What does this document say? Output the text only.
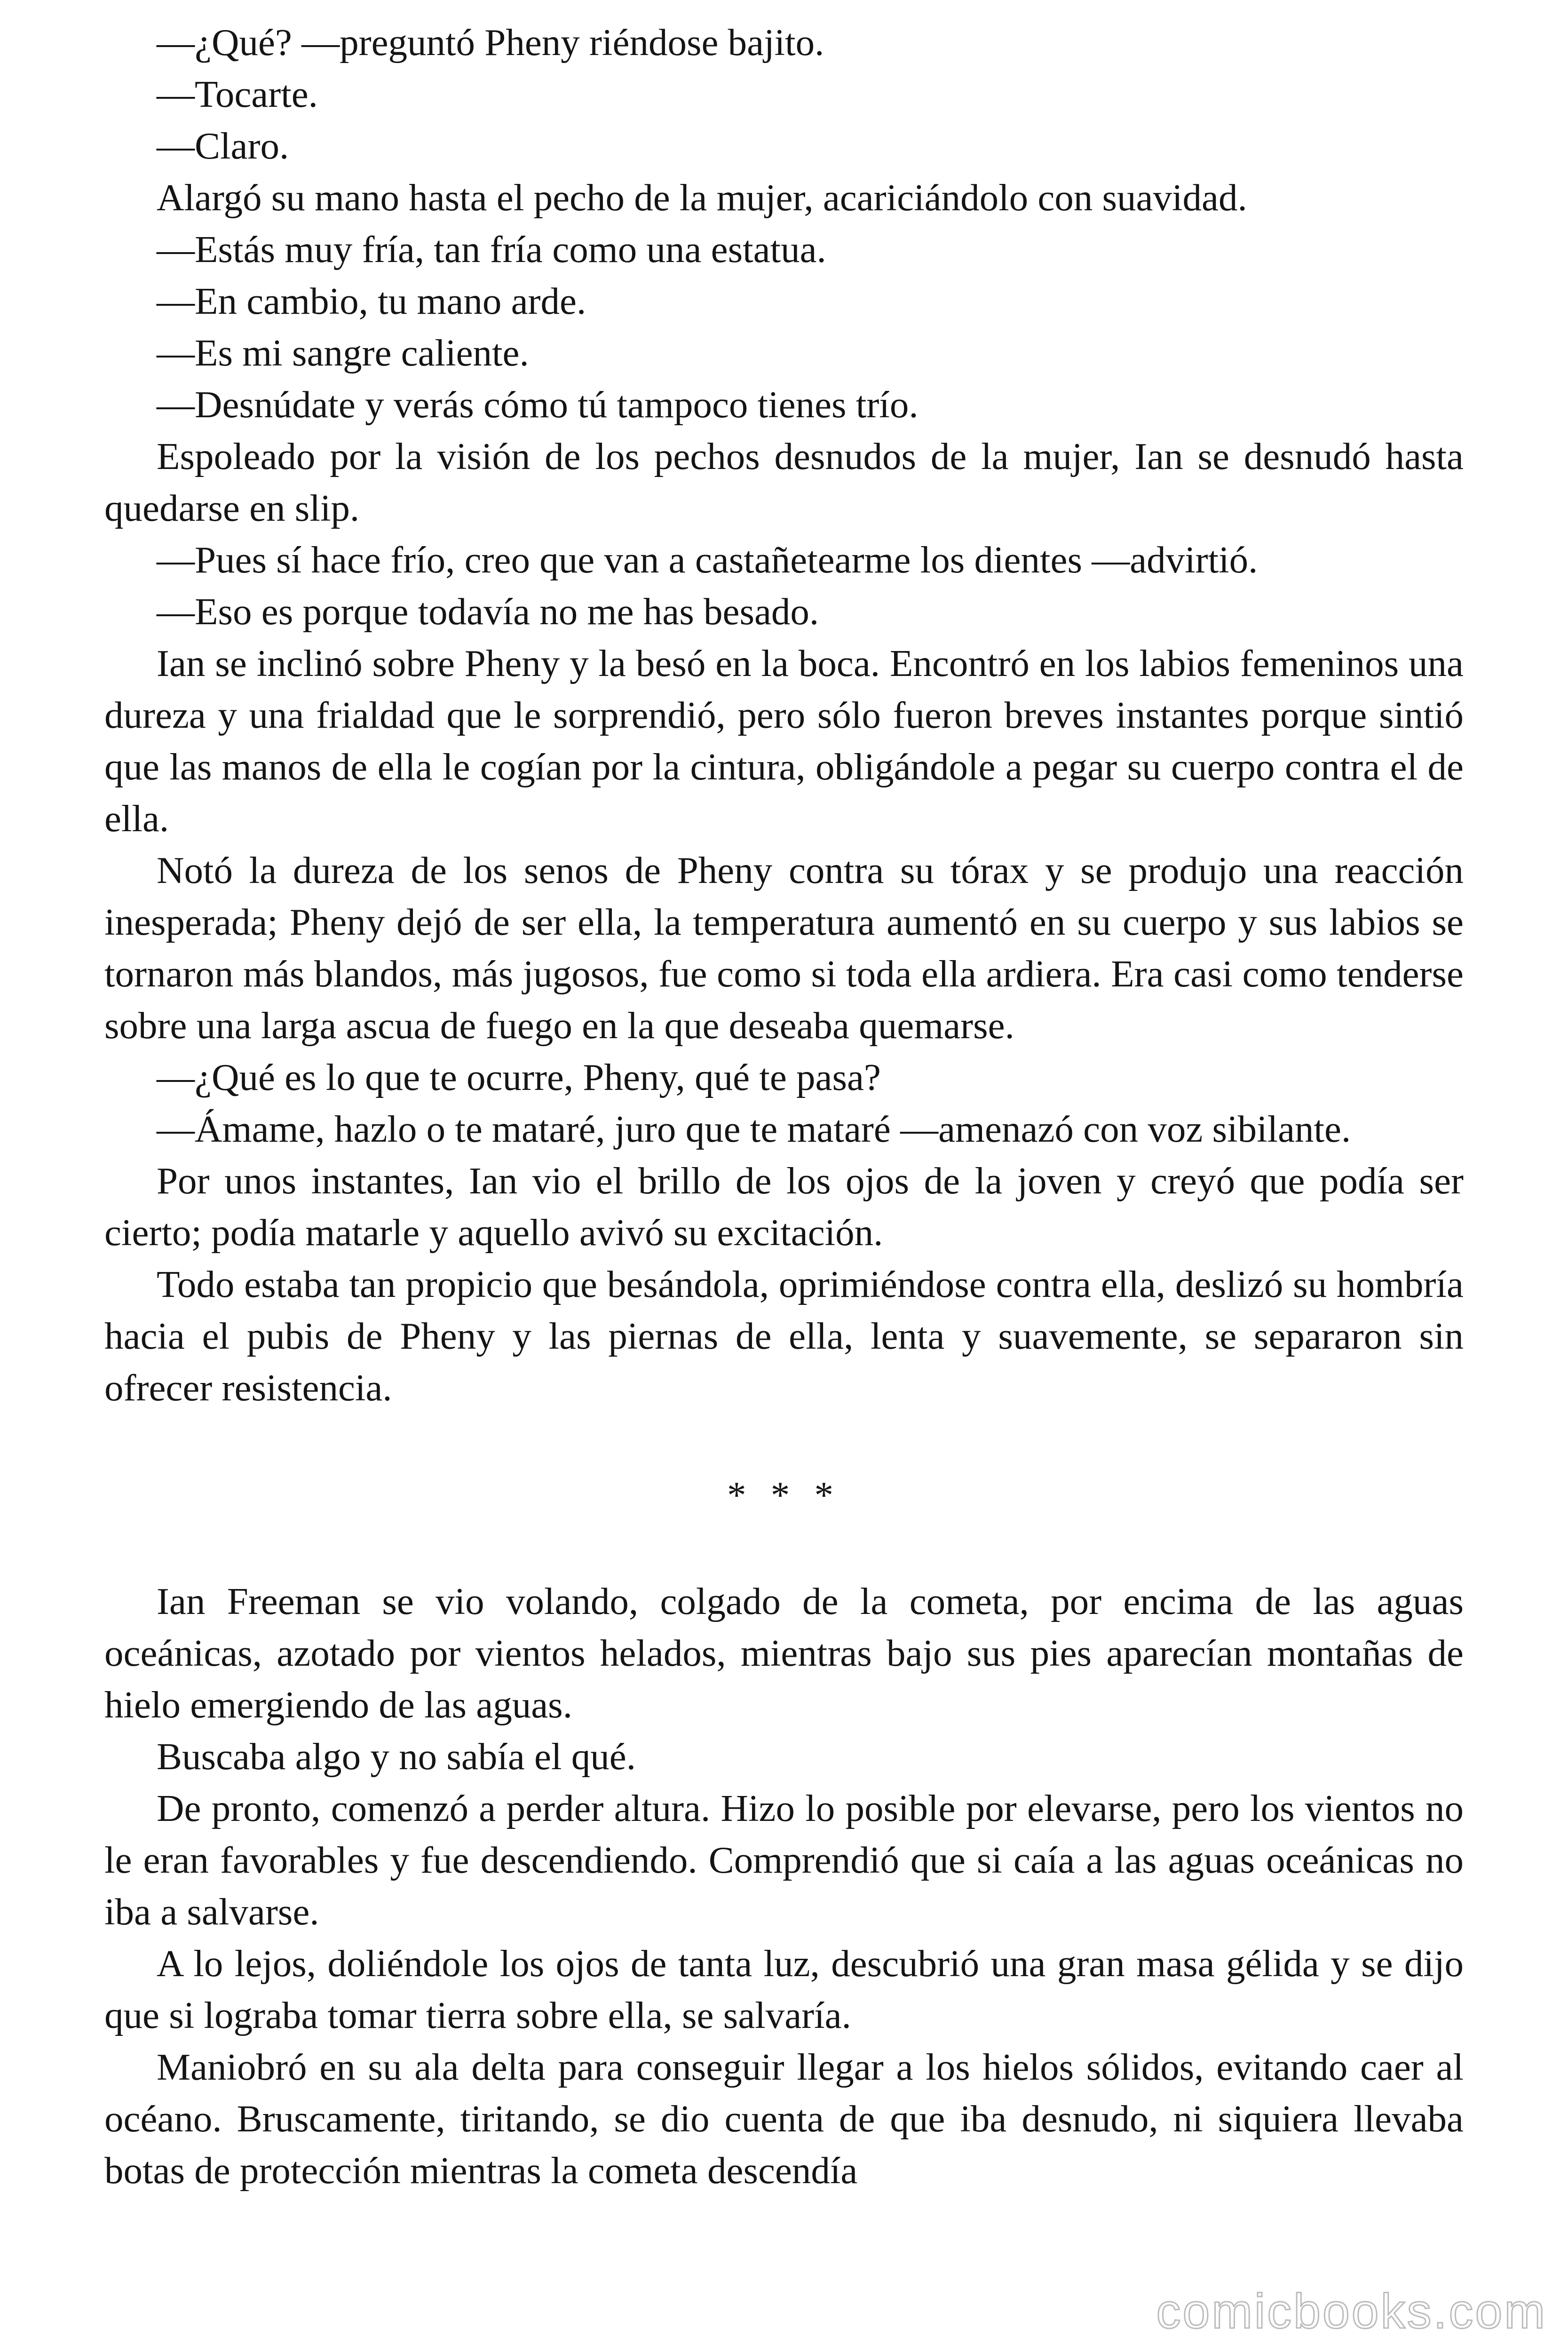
—¿Qué? —preguntó Pheny riéndose bajito.

—Tocarte.

—Claro.

Alargó su mano hasta el pecho de la mujer, acariciándolo con suavidad.

—Estás muy fría, tan fría como una estatua.

—En cambio, tu mano arde.

—Es mi sangre caliente.

—Desnúdate y verás cómo tú tampoco tienes trío.

Espoleado por la visión de los pechos desnudos de la mujer, Ian se desnudó hasta quedarse en slip.

—Pues sí hace frío, creo que van a castañetearme los dientes —advirtió.

—Eso es porque todavía no me has besado.

Ian se inclinó sobre Pheny y la besó en la boca. Encontró en los labios femeninos una dureza y una frialdad que le sorprendió, pero sólo fueron breves instantes porque sintió que las manos de ella le cogían por la cintura, obligándole a pegar su cuerpo contra el de ella.

Notó la dureza de los senos de Pheny contra su tórax y se produjo una reacción inesperada; Pheny dejó de ser ella, la temperatura aumentó en su cuerpo y sus labios se tornaron más blandos, más jugosos, fue como si toda ella ardiera. Era casi como tenderse sobre una larga ascua de fuego en la que deseaba quemarse.

—¿Qué es lo que te ocurre, Pheny, qué te pasa?

—Ámame, hazlo o te mataré, juro que te mataré —amenazó con voz sibilante.

Por unos instantes, Ian vio el brillo de los ojos de la joven y creyó que podía ser cierto; podía matarle y aquello avivó su excitación.

Todo estaba tan propicio que besándola, oprimiéndose contra ella, deslizó su hombría hacia el pubis de Pheny y las piernas de ella, lenta y suavemente, se separaron sin ofrecer resistencia.

* * *

Ian Freeman se vio volando, colgado de la cometa, por encima de las aguas oceánicas, azotado por vientos helados, mientras bajo sus pies aparecían montañas de hielo emergiendo de las aguas.

Buscaba algo y no sabía el qué.

De pronto, comenzó a perder altura. Hizo lo posible por elevarse, pero los vientos no le eran favorables y fue descendiendo. Comprendió que si caía a las aguas oceánicas no iba a salvarse.

A lo lejos, doliéndole los ojos de tanta luz, descubrió una gran masa gélida y se dijo que si lograba tomar tierra sobre ella, se salvaría.

Maniobró en su ala delta para conseguir llegar a los hielos sólidos, evitando caer al océano. Bruscamente, tiritando, se dio cuenta de que iba desnudo, ni siquiera llevaba botas de protección mientras la cometa descendía

comicbooks.com
